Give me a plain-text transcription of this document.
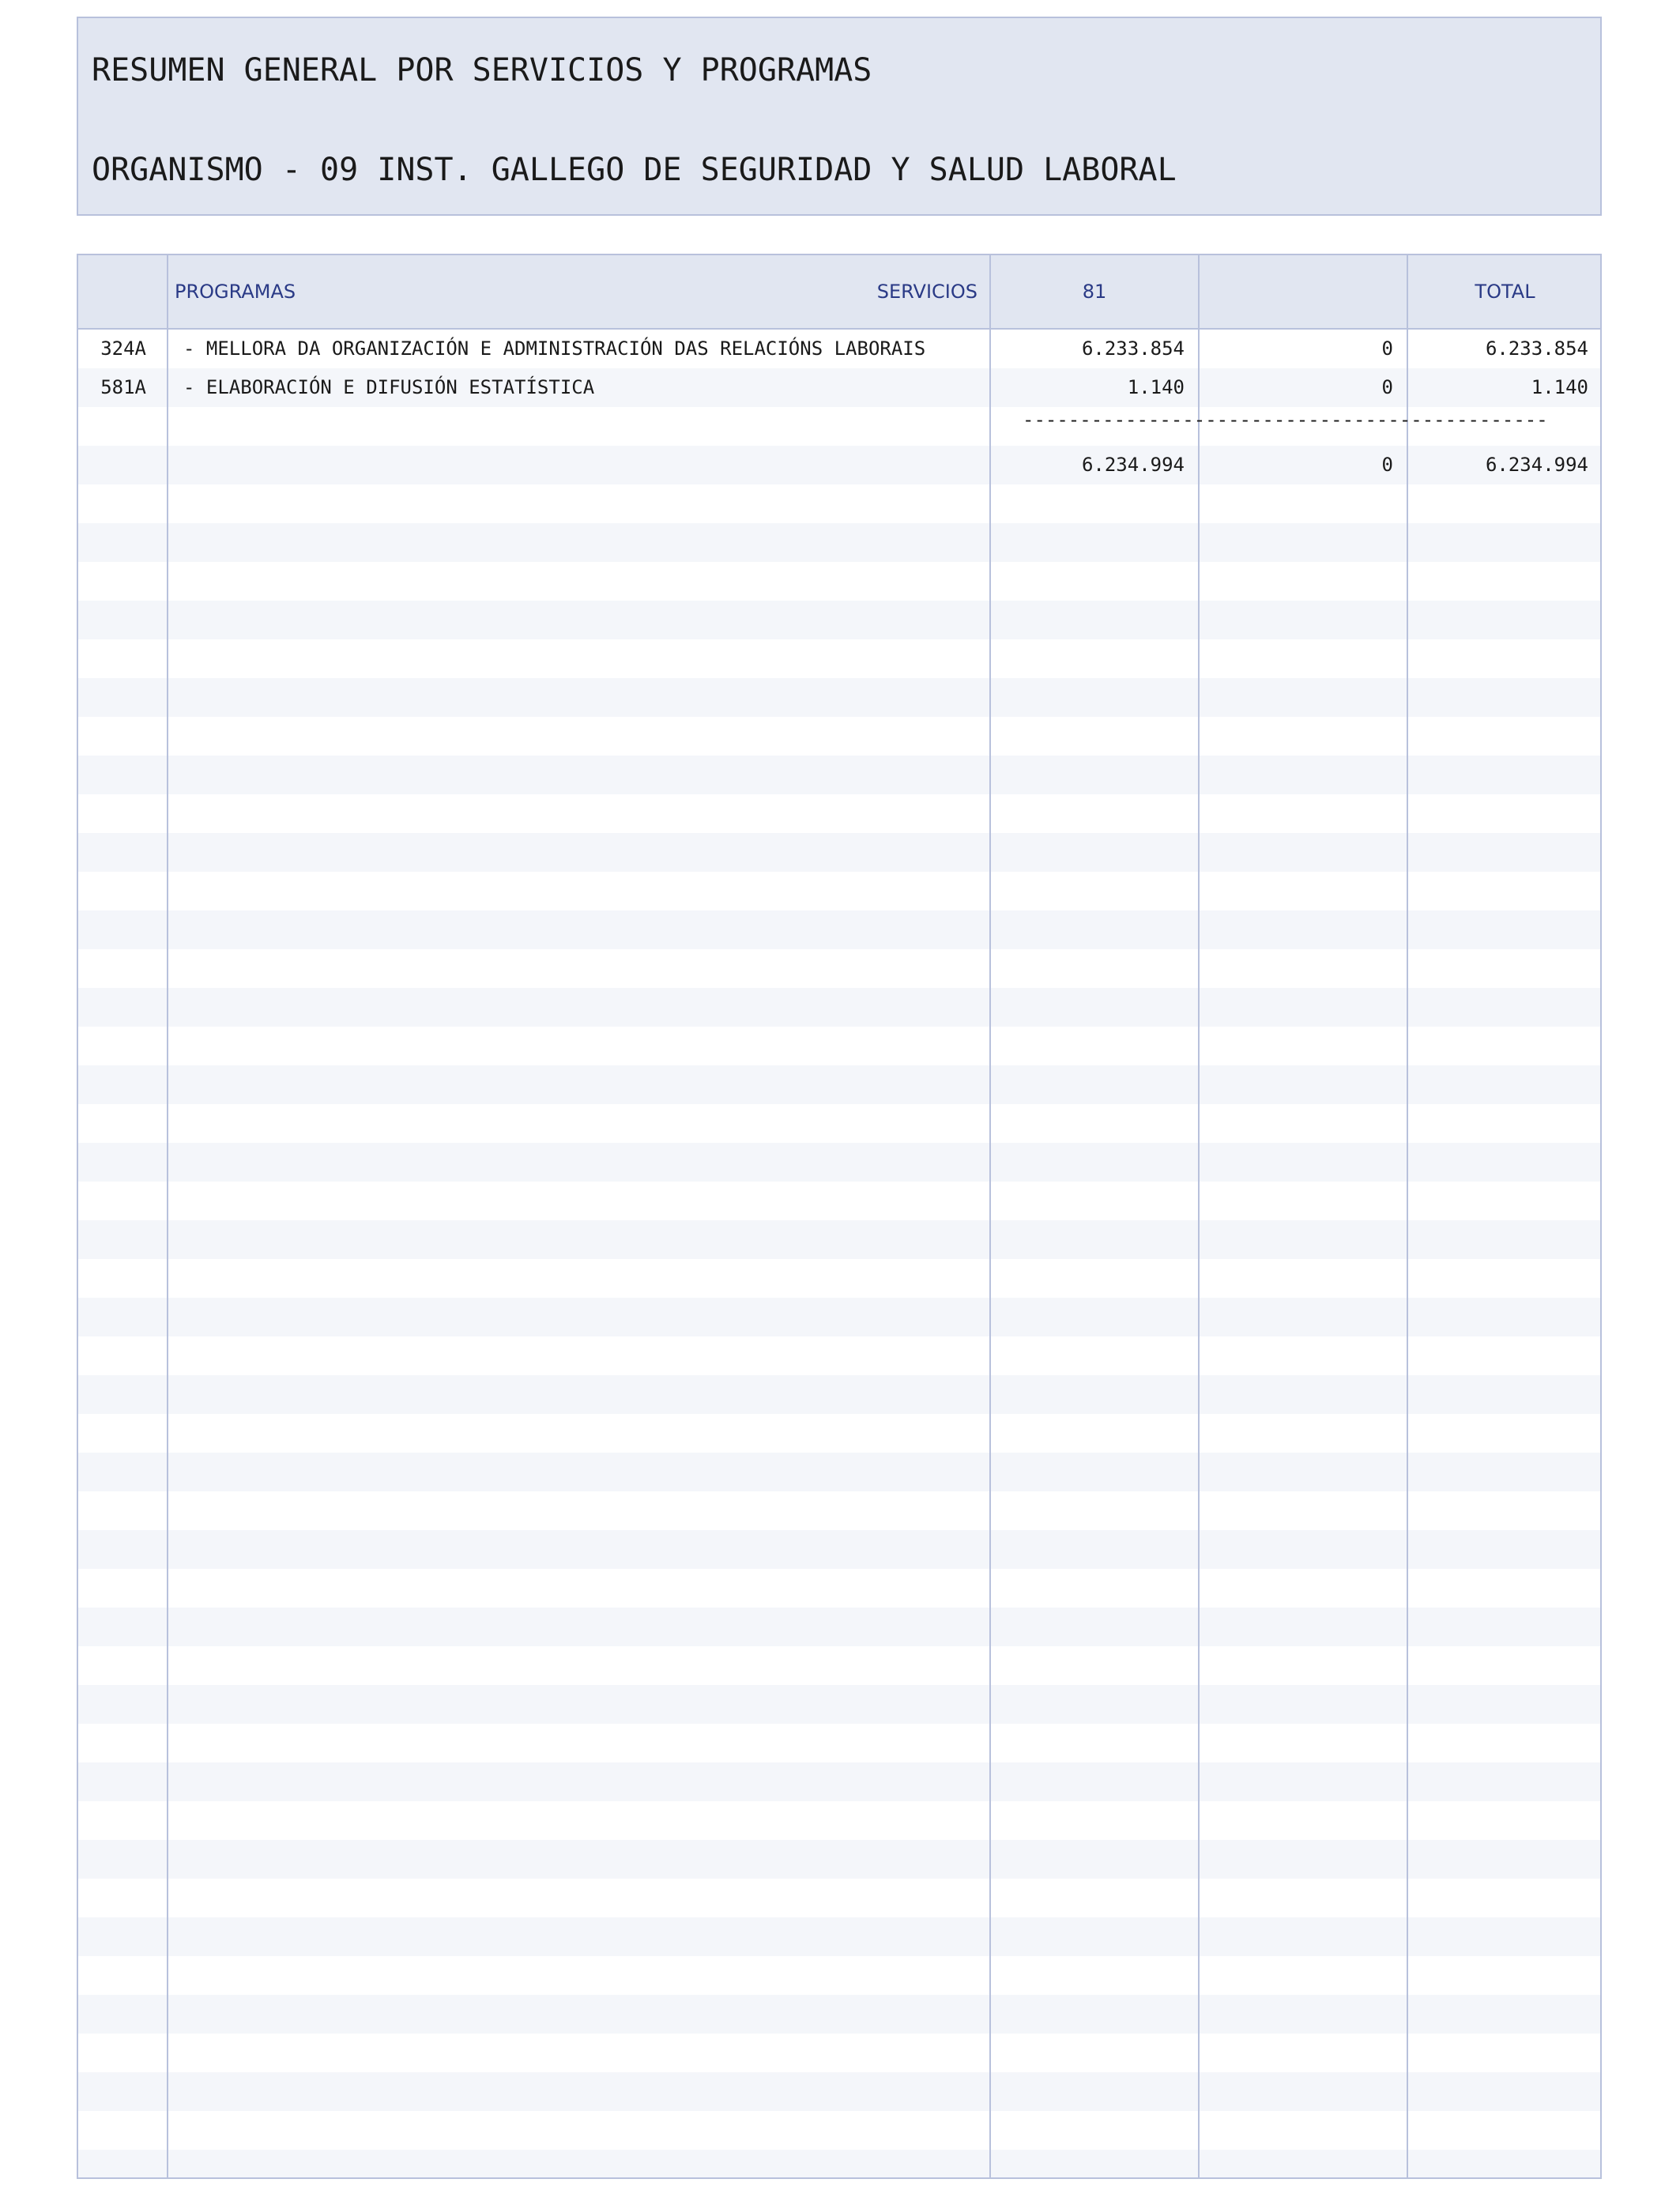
RESUMEN GENERAL POR SERVICIOS Y PROGRAMAS
ORGANISMO - 09 INST. GALLEGO DE SEGURIDAD Y SALUD LABORAL
PROGRAMAS	SERVICIOS	81	TOTAL
324A - MELLORA DA ORGANIZACIÓN E ADMINISTRACIÓN DAS RELACIÓNS LABORAIS	6.233.854	0	6.233.854
581A - ELABORACIÓN E DIFUSIÓN ESTATÍSTICA	1.140	0	1.140
----------------------------------------------
6.234.994	0	6.234.994
